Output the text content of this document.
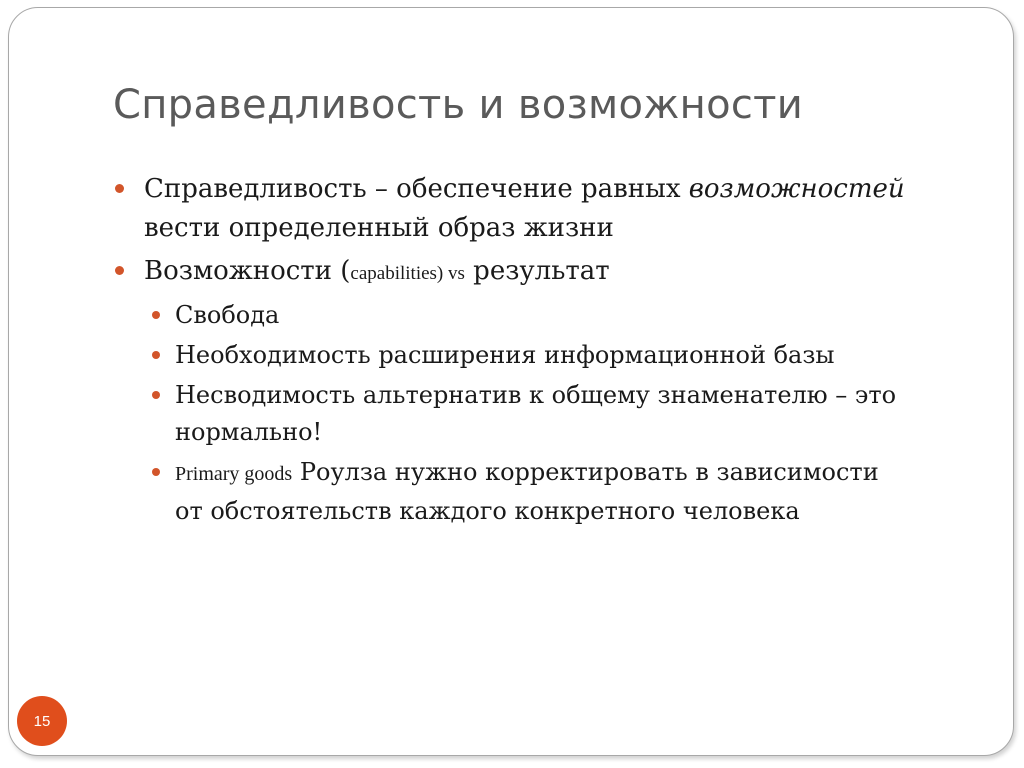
Справедливость и возможности
Справедливость – обеспечение равных возможностей вести определенный образ жизни
Возможности (capabilities) vs результат
Свобода
Необходимость расширения информационной базы
Несводимость альтернатив к общему знаменателю – это нормально!
Primary goods Роулза нужно корректировать в зависимости от обстоятельств каждого конкретного человека
15
